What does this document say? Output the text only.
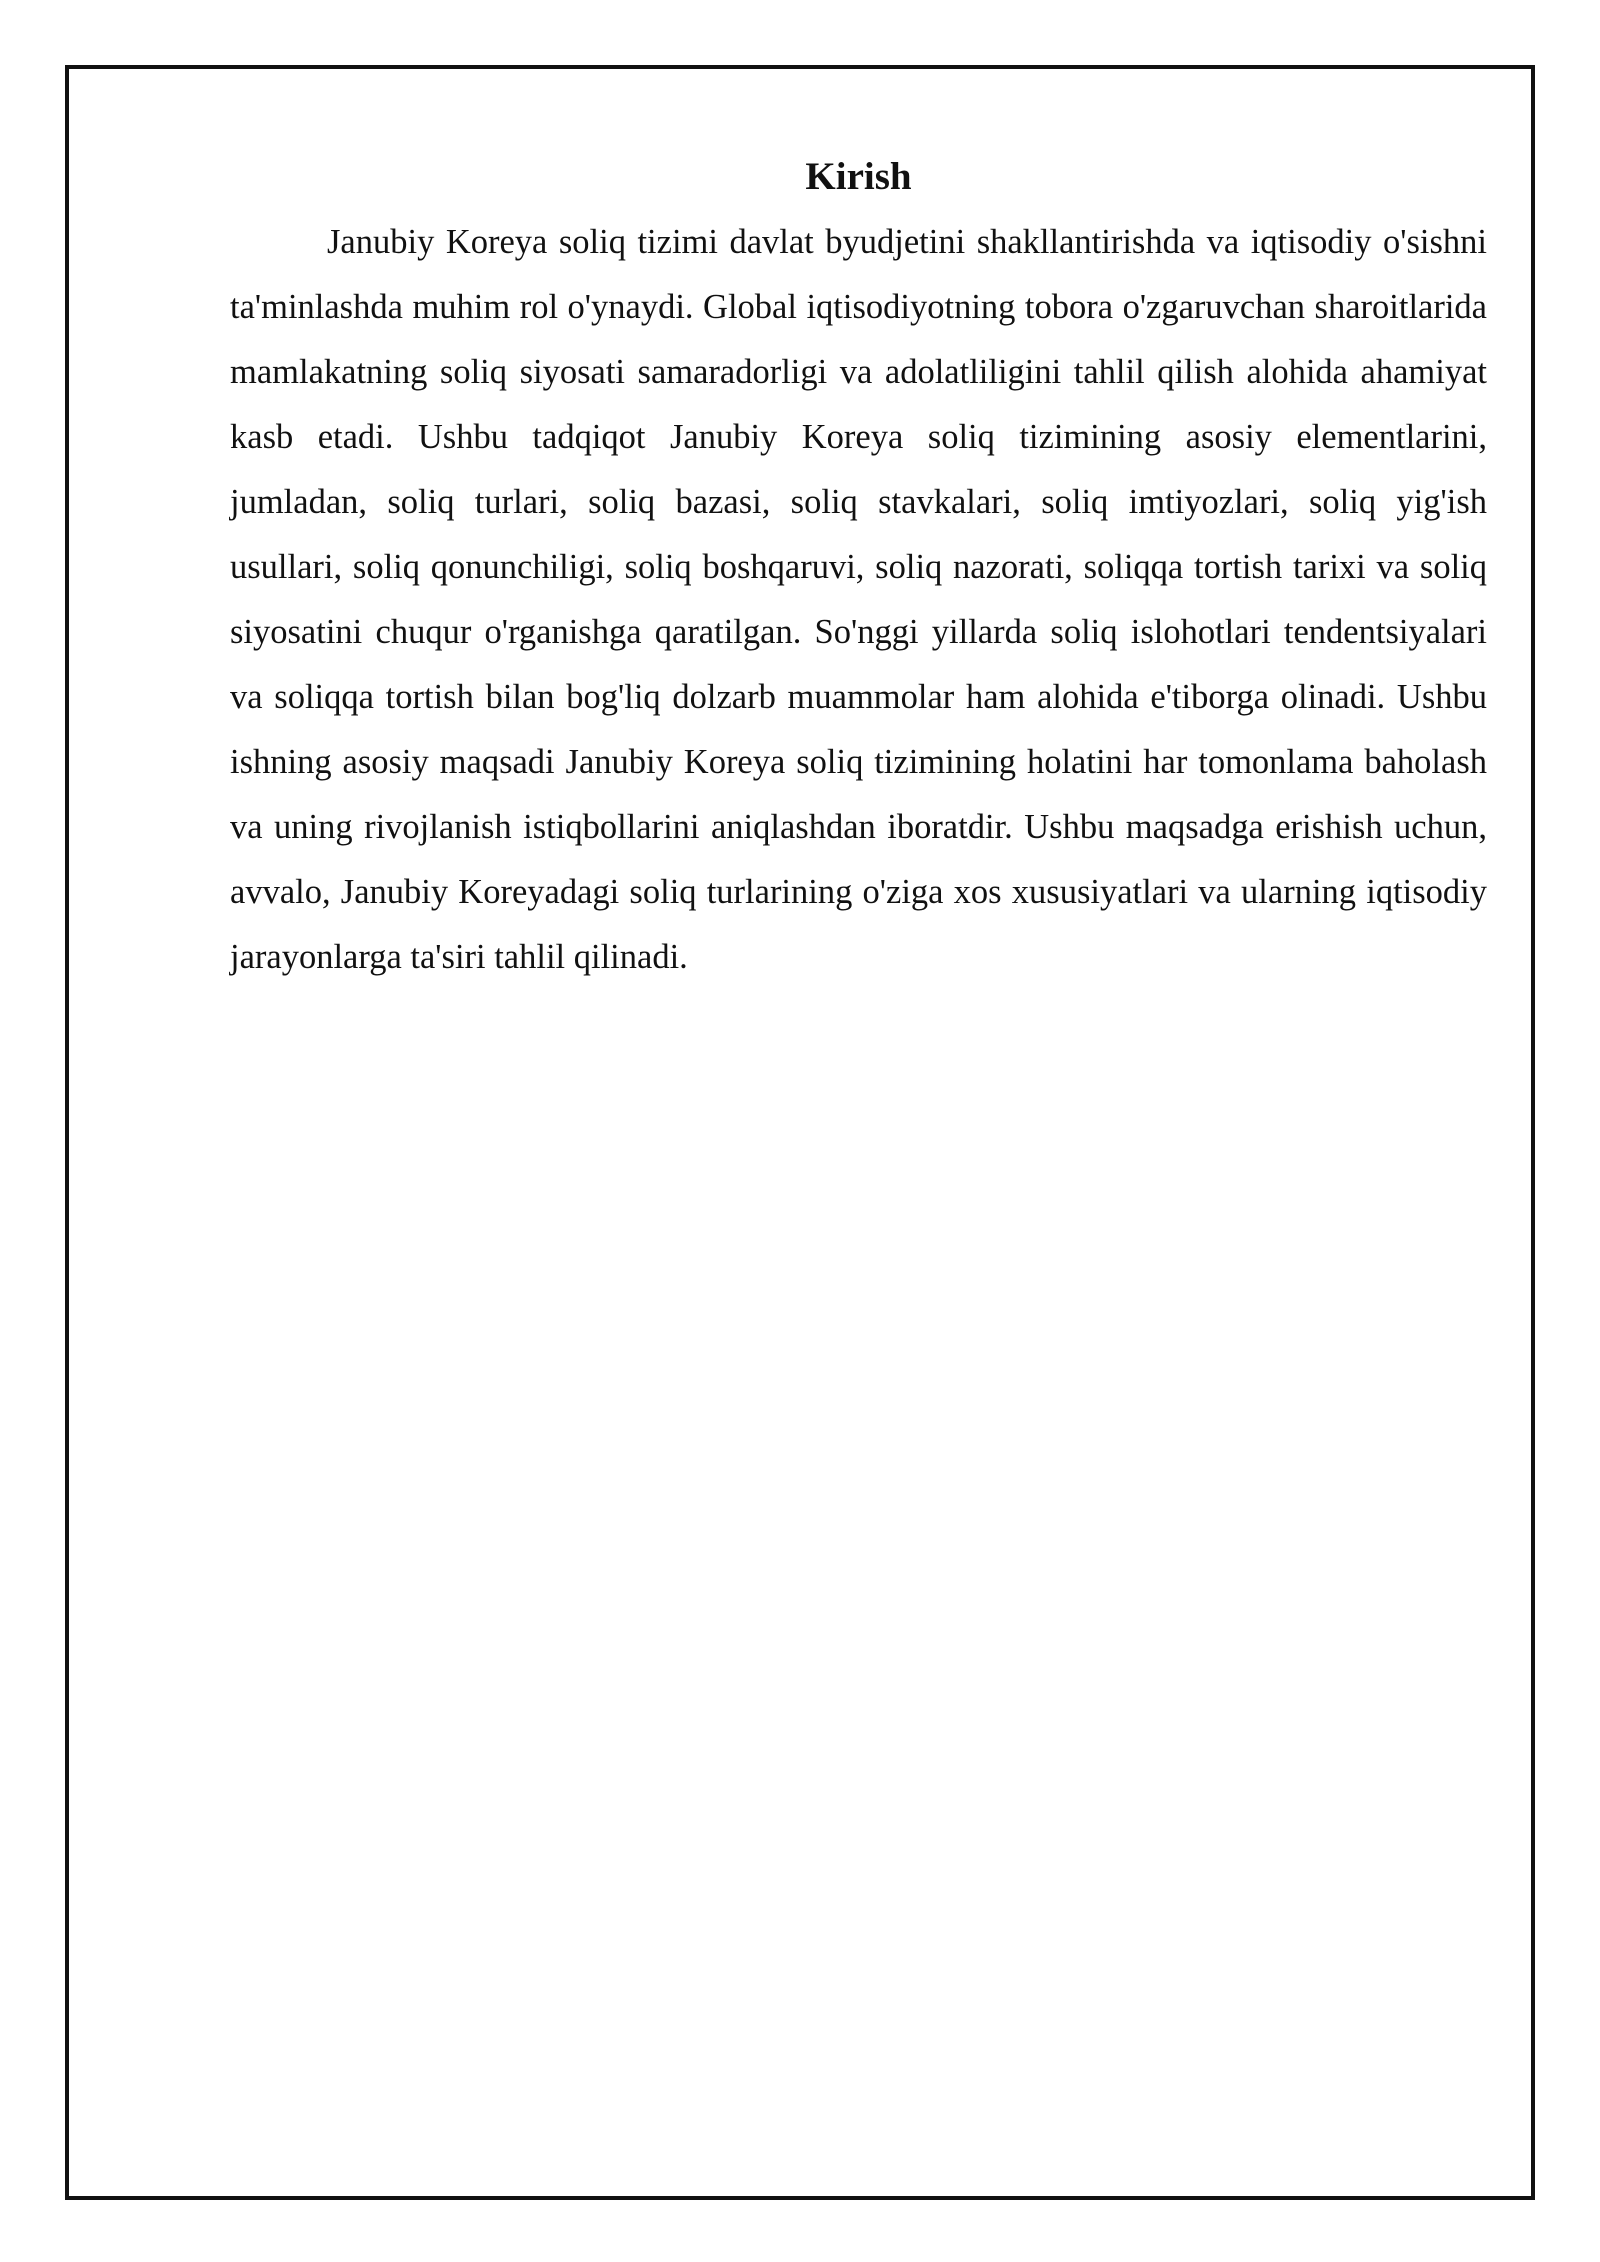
Kirish

Janubiy Koreya soliq tizimi davlat byudjetini shakllantirishda va iqtisodiy o'sishni ta'minlashda muhim rol o'ynaydi. Global iqtisodiyotning tobora o'zgaruvchan sharoitlarida mamlakatning soliq siyosati samaradorligi va adolatliligini tahlil qilish alohida ahamiyat kasb etadi. Ushbu tadqiqot Janubiy Koreya soliq tizimining asosiy elementlarini, jumladan, soliq turlari, soliq bazasi, soliq stavkalari, soliq imtiyozlari, soliq yig'ish usullari, soliq qonunchiligi, soliq boshqaruvi, soliq nazorati, soliqqa tortish tarixi va soliq siyosatini chuqur o'rganishga qaratilgan. So'nggi yillarda soliq islohotlari tendentsiyalari va soliqqa tortish bilan bog'liq dolzarb muammolar ham alohida e'tiborga olinadi. Ushbu ishning asosiy maqsadi Janubiy Koreya soliq tizimining holatini har tomonlama baholash va uning rivojlanish istiqbollarini aniqlashdan iboratdir. Ushbu maqsadga erishish uchun, avvalo, Janubiy Koreyadagi soliq turlarining o'ziga xos xususiyatlari va ularning iqtisodiy jarayonlarga ta'siri tahlil qilinadi.
